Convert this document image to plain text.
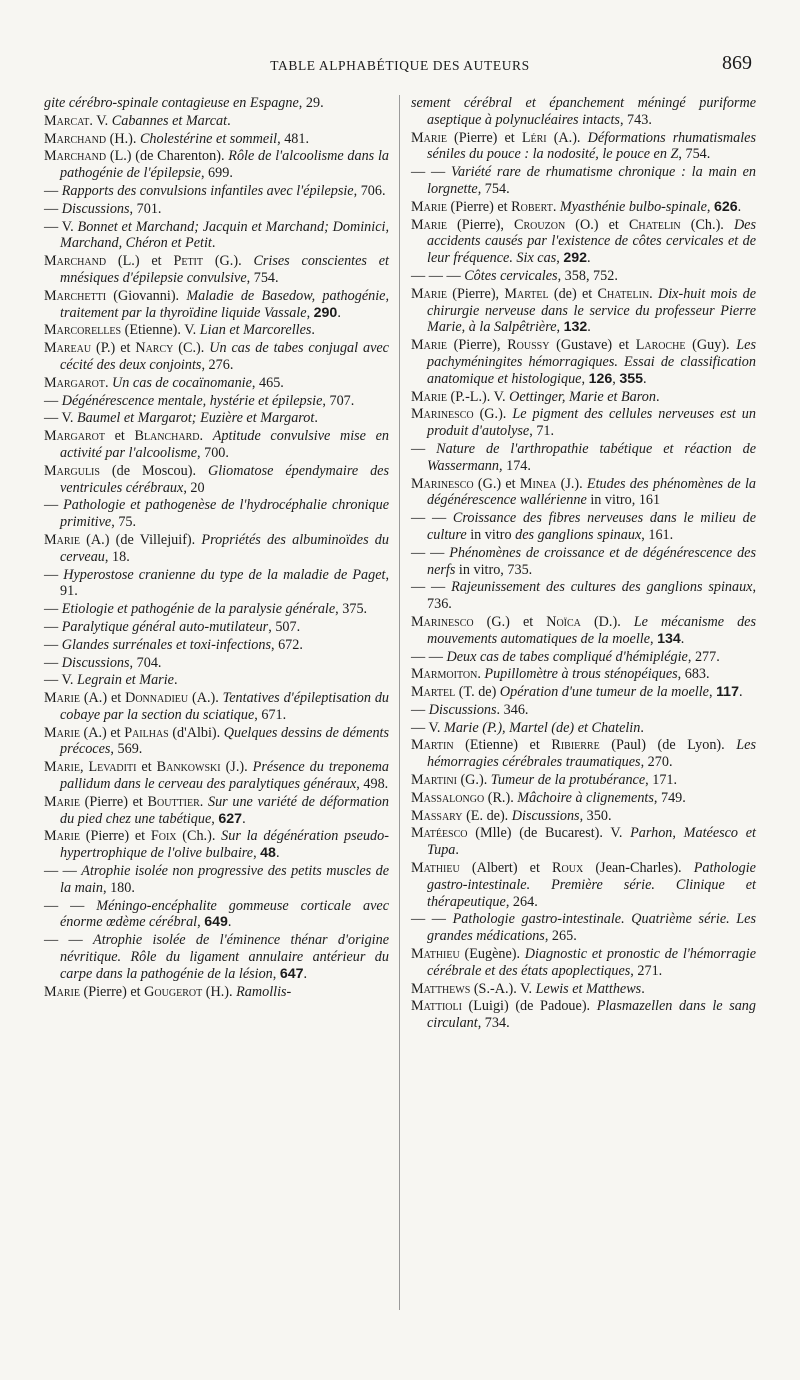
TABLE ALPHABÉTIQUE DES AUTEURS	869

gite cérébro-spinale contagieuse en Espagne, 29.

Marcat. V. Cabannes et Marcat.

Marchand (H.). Cholestérine et sommeil, 481.

Marchand (L.) (de Charenton). Rôle de l'alcoolisme dans la pathogénie de l'épilepsie, 699.

— Rapports des convulsions infantiles avec l'épilepsie, 706.

— Discussions, 701.

— V. Bonnet et Marchand; Jacquin et Marchand; Dominici, Marchand, Chéron et Petit.

Marchand (L.) et Petit (G.). Crises conscientes et mnésiques d'épilepsie convulsive, 754.

Marchetti (Giovanni). Maladie de Basedow, pathogénie, traitement par la thyroïdine liquide Vassale, 290.

Marcorelles (Etienne). V. Lian et Marcorelles.

Mareau (P.) et Narcy (C.). Un cas de tabes conjugal avec cécité des deux conjoints, 276.

Margarot. Un cas de cocaïnomanie, 465.

— Dégénérescence mentale, hystérie et épilepsie, 707.

— V. Baumel et Margarot; Euzière et Margarot.

Margarot et Blanchard. Aptitude convulsive mise en activité par l'alcoolisme, 700.

Margulis (de Moscou). Gliomatose épendymaire des ventricules cérébraux, 20

— Pathologie et pathogenèse de l'hydrocéphalie chronique primitive, 75.

Marie (A.) (de Villejuif). Propriétés des albuminoïdes du cerveau, 18.

— Hyperostose cranienne du type de la maladie de Paget, 91.

— Etiologie et pathogénie de la paralysie générale, 375.

— Paralytique général auto-mutilateur, 507.

— Glandes surrénales et toxi-infections, 672.

— Discussions, 704.

— V. Legrain et Marie.

Marie (A.) et Donnadieu (A.). Tentatives d'épileptisation du cobaye par la section du sciatique, 671.

Marie (A.) et Pailhas (d'Albi). Quelques dessins de déments précoces, 569.

Marie, Levaditi et Bankowski (J.). Présence du treponema pallidum dans le cerveau des paralytiques généraux, 498.

Marie (Pierre) et Bouttier. Sur une variété de déformation du pied chez une tabétique, 627.

Marie (Pierre) et Foix (Ch.). Sur la dégénération pseudo-hypertrophique de l'olive bulbaire, 48.

— — Atrophie isolée non progressive des petits muscles de la main, 180.

— — Méningo-encéphalite gommeuse corticale avec énorme œdème cérébral, 649.

— — Atrophie isolée de l'éminence thénar d'origine névritique. Rôle du ligament annulaire antérieur du carpe dans la pathogénie de la lésion, 647.

Marie (Pierre) et Gougerot (H.). Ramollis-

sement cérébral et épanchement méningé puriforme aseptique à polynucléaires intacts, 743.

Marie (Pierre) et Léri (A.). Déformations rhumatismales séniles du pouce : la nodosité, le pouce en Z, 754.

— — Variété rare de rhumatisme chronique : la main en lorgnette, 754.

Marie (Pierre) et Robert. Myasthénie bulbo-spinale, 626.

Marie (Pierre), Crouzon (O.) et Chatelin (Ch.). Des accidents causés par l'existence de côtes cervicales et de leur fréquence. Six cas, 292.

— — — Côtes cervicales, 358, 752.

Marie (Pierre), Martel (de) et Chatelin. Dix-huit mois de chirurgie nerveuse dans le service du professeur Pierre Marie, à la Salpêtrière, 132.

Marie (Pierre), Roussy (Gustave) et Laroche (Guy). Les pachyméningites hémorragiques. Essai de classification anatomique et histologique, 126, 355.

Marie (P.-L.). V. Oettinger, Marie et Baron.

Marinesco (G.). Le pigment des cellules nerveuses est un produit d'autolyse, 71.

— Nature de l'arthropathie tabétique et réaction de Wassermann, 174.

Marinesco (G.) et Minea (J.). Etudes des phénomènes de la dégénérescence wallérienne in vitro, 161

— — Croissance des fibres nerveuses dans le milieu de culture in vitro des ganglions spinaux, 161.

— — Phénomènes de croissance et de dégénérescence des nerfs in vitro, 735.

— — Rajeunissement des cultures des ganglions spinaux, 736.

Marinesco (G.) et Noïca (D.). Le mécanisme des mouvements automatiques de la moelle, 134.

— — Deux cas de tabes compliqué d'hémiplégie, 277.

Marmoiton. Pupillomètre à trous sténopéiques, 683.

Martel (T. de) Opération d'une tumeur de la moelle, 117.

— Discussions. 346.

— V. Marie (P.), Martel (de) et Chatelin.

Martin (Etienne) et Ribierre (Paul) (de Lyon). Les hémorragies cérébrales traumatiques, 270.

Martini (G.). Tumeur de la protubérance, 171.

Massalongo (R.). Mâchoire à clignements, 749.

Massary (E. de). Discussions, 350.

Matéesco (Mlle) (de Bucarest). V. Parhon, Matéesco et Tupa.

Mathieu (Albert) et Roux (Jean-Charles). Pathologie gastro-intestinale. Première série. Clinique et thérapeutique, 264.

— — Pathologie gastro-intestinale. Quatrième série. Les grandes médications, 265.

Mathieu (Eugène). Diagnostic et pronostic de l'hémorragie cérébrale et des états apoplectiques, 271.

Matthews (S.-A.). V. Lewis et Matthews.

Mattioli (Luigi) (de Padoue). Plasmazellen dans le sang circulant, 734.
